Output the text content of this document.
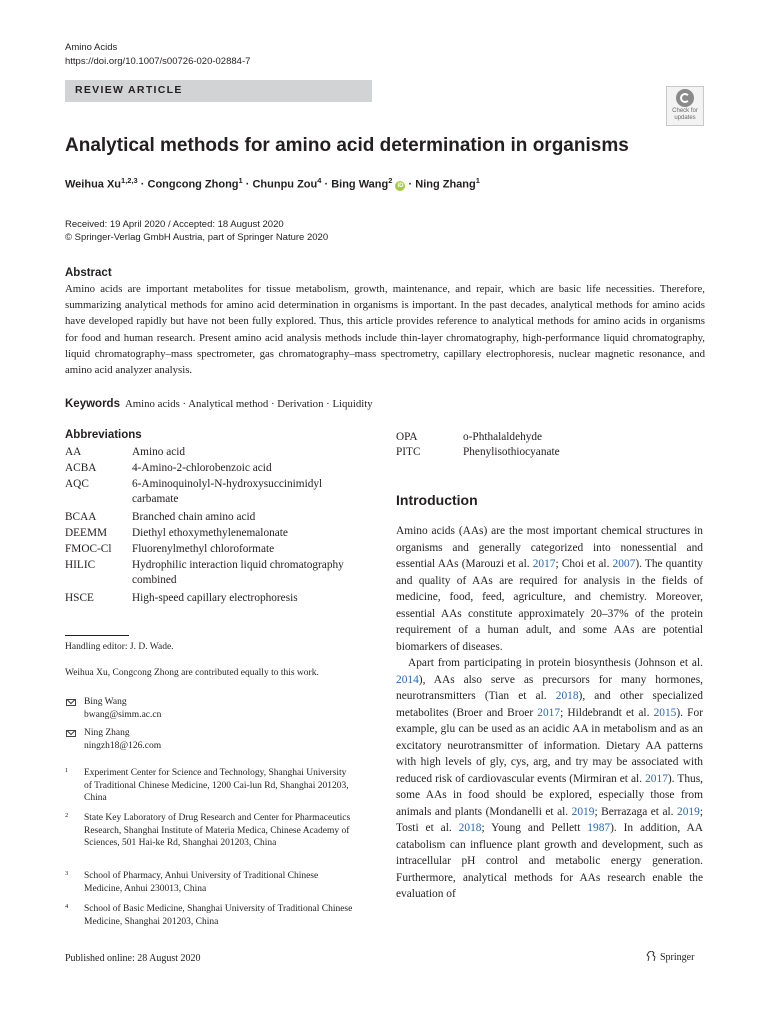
Amino Acids
https://doi.org/10.1007/s00726-020-02884-7
REVIEW ARTICLE
Check for
updates
Analytical methods for amino acid determination in organisms
Weihua Xu$^{1,2,3}$ · Congcong Zhong$^1$ · Chunpu Zou$^4$ · Bing Wang$^2$ iD · Ning Zhang$^1$
Received: 19 April 2020 / Accepted: 18 August 2020
© Springer-Verlag GmbH Austria, part of Springer Nature 2020
Abstract
Amino acids are important metabolites for tissue metabolism, growth, maintenance, and repair, which are basic life necessities. Therefore, summarizing analytical methods for amino acid determination in organisms is important. In the past decades, analytical methods for amino acids have developed rapidly but have not been fully explored. Thus, this article provides reference to analytical methods for amino acids in organisms for food and human research. Present amino acid analysis methods include thin-layer chromatography, high-performance liquid chromatography, liquid chromatography–mass spectrometer, gas chromatography–mass spectrometry, capillary electrophoresis, nuclear magnetic resonance, and amino acid analyzer analysis.
Keywords Amino acids · Analytical method · Derivation · Liquidity
Abbreviations
AA	Amino acid
ACBA	4-Amino-2-chlorobenzoic acid
AQC	6-Aminoquinolyl-N-hydroxysuccinimidyl carbamate
BCAA	Branched chain amino acid
DEEMM Diethyl ethoxymethylenemalonate
FMOC-Cl Fluorenylmethyl chloroformate
HILIC	Hydrophilic interaction liquid chromatography combined
HSCE	High-speed capillary electrophoresis
OPA	o-Phthalaldehyde
PITC	Phenylisothiocyanate
Handling editor: J. D. Wade.
Weihua Xu, Congcong Zhong are contributed equally to this work.
Bing Wang
bwang@simm.ac.cn
Ning Zhang
ningzh18@126.com
1 Experiment Center for Science and Technology, Shanghai University of Traditional Chinese Medicine, 1200 Cai-lun Rd, Shanghai 201203, China
2 State Key Laboratory of Drug Research and Center for Pharmaceutics Research, Shanghai Institute of Materia Medica, Chinese Academy of Sciences, 501 Hai-ke Rd, Shanghai 201203, China
3 School of Pharmacy, Anhui University of Traditional Chinese Medicine, Anhui 230013, China
4 School of Basic Medicine, Shanghai University of Traditional Chinese Medicine, Shanghai 201203, China
Introduction
Amino acids (AAs) are the most important chemical structures in organisms and generally categorized into nonessential and essential AAs (Marouzi et al. 2017; Choi et al. 2007). The quantity and quality of AAs are required for analysis in the fields of medicine, food, feed, agriculture, and chemistry. Moreover, essential AAs constitute approximately 20–37% of the protein requirement of a human adult, and some AAs are potential biomarkers of diseases.
Apart from participating in protein biosynthesis (Johnson et al. 2014), AAs also serve as precursors for many hormones, neurotransmitters (Tian et al. 2018), and other specialized metabolites (Broer and Broer 2017; Hildebrandt et al. 2015). For example, glu can be used as an acidic AA in metabolism and as an excitatory neurotransmitter of information. Dietary AA patterns with high levels of gly, cys, arg, and try may be associated with reduced risk of cardiovascular events (Mirmiran et al. 2017). Thus, some AAs in food should be explored, especially those from animals and plants (Mondanelli et al. 2019; Berrazaga et al. 2019; Tosti et al. 2018; Young and Pellett 1987). In addition, AA catabolism can influence plant growth and development, such as intracellular pH control and metabolic energy generation. Furthermore, analytical methods for AAs research enable the evaluation of
Published online: 28 August 2020	Springer
